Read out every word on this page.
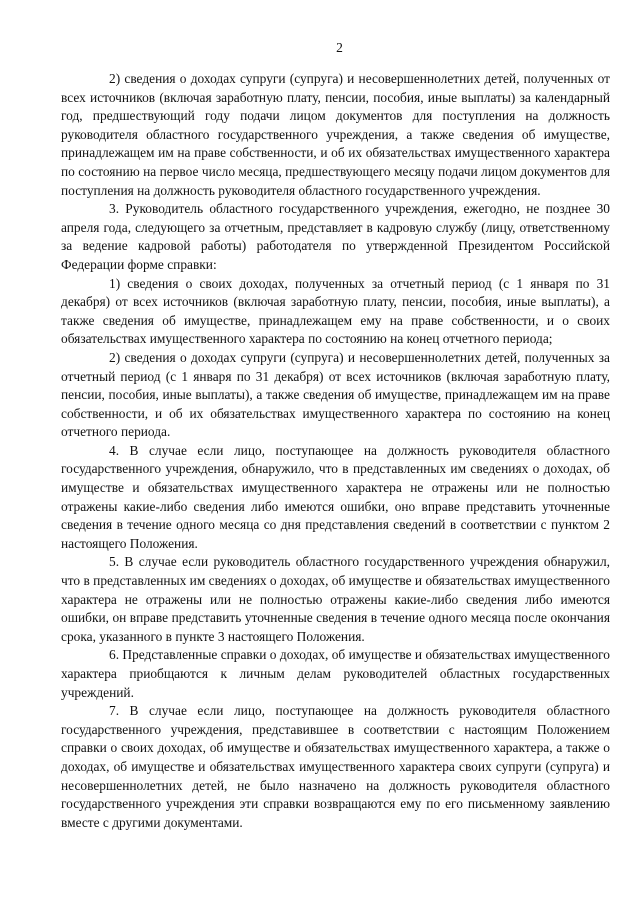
2

2) сведения о доходах супруги (супруга) и несовершеннолетних детей, полученных от всех источников (включая заработную плату, пенсии, пособия, иные выплаты) за календарный год, предшествующий году подачи лицом документов для поступления на должность руководителя областного государственного учреждения, а также сведения об имуществе, принадлежащем им на праве собственности, и об их обязательствах имущественного характера по состоянию на первое число месяца, предшествующего месяцу подачи лицом документов для поступления на должность руководителя областного государственного учреждения.

3. Руководитель областного государственного учреждения, ежегодно, не позднее 30 апреля года, следующего за отчетным, представляет в кадровую службу (лицу, ответственному за ведение кадровой работы) работодателя по утвержденной Президентом Российской Федерации форме справки:

1) сведения о своих доходах, полученных за отчетный период (с 1 января по 31 декабря) от всех источников (включая заработную плату, пенсии, пособия, иные выплаты), а также сведения об имуществе, принадлежащем ему на праве собственности, и о своих обязательствах имущественного характера по состоянию на конец отчетного периода;

2) сведения о доходах супруги (супруга) и несовершеннолетних детей, полученных за отчетный период (с 1 января по 31 декабря) от всех источников (включая заработную плату, пенсии, пособия, иные выплаты), а также сведения об имуществе, принадлежащем им на праве собственности, и об их обязательствах имущественного характера по состоянию на конец отчетного периода.

4. В случае если лицо, поступающее на должность руководителя областного государственного учреждения, обнаружило, что в представленных им сведениях о доходах, об имуществе и обязательствах имущественного характера не отражены или не полностью отражены какие-либо сведения либо имеются ошибки, оно вправе представить уточненные сведения в течение одного месяца со дня представления сведений в соответствии с пунктом 2 настоящего Положения.

5. В случае если руководитель областного государственного учреждения обнаружил, что в представленных им сведениях о доходах, об имуществе и обязательствах имущественного характера не отражены или не полностью отражены какие-либо сведения либо имеются ошибки, он вправе представить уточненные сведения в течение одного месяца после окончания срока, указанного в пункте 3 настоящего Положения.

6. Представленные справки о доходах, об имуществе и обязательствах имущественного характера приобщаются к личным делам руководителей областных государственных учреждений.

7. В случае если лицо, поступающее на должность руководителя областного государственного учреждения, представившее в соответствии с настоящим Положением справки о своих доходах, об имуществе и обязательствах имущественного характера, а также о доходах, об имуществе и обязательствах имущественного характера своих супруги (супруга) и несовершеннолетних детей, не было назначено на должность руководителя областного государственного учреждения эти справки возвращаются ему по его письменному заявлению вместе с другими документами.
